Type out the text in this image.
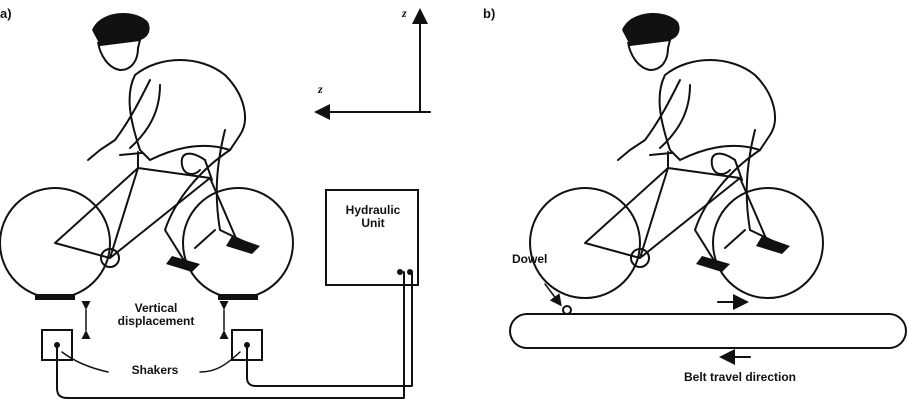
a)	z
z
Hydraulic
Unit
Vertical
displacement
Shakers
b)
Dowel
Belt travel direction
